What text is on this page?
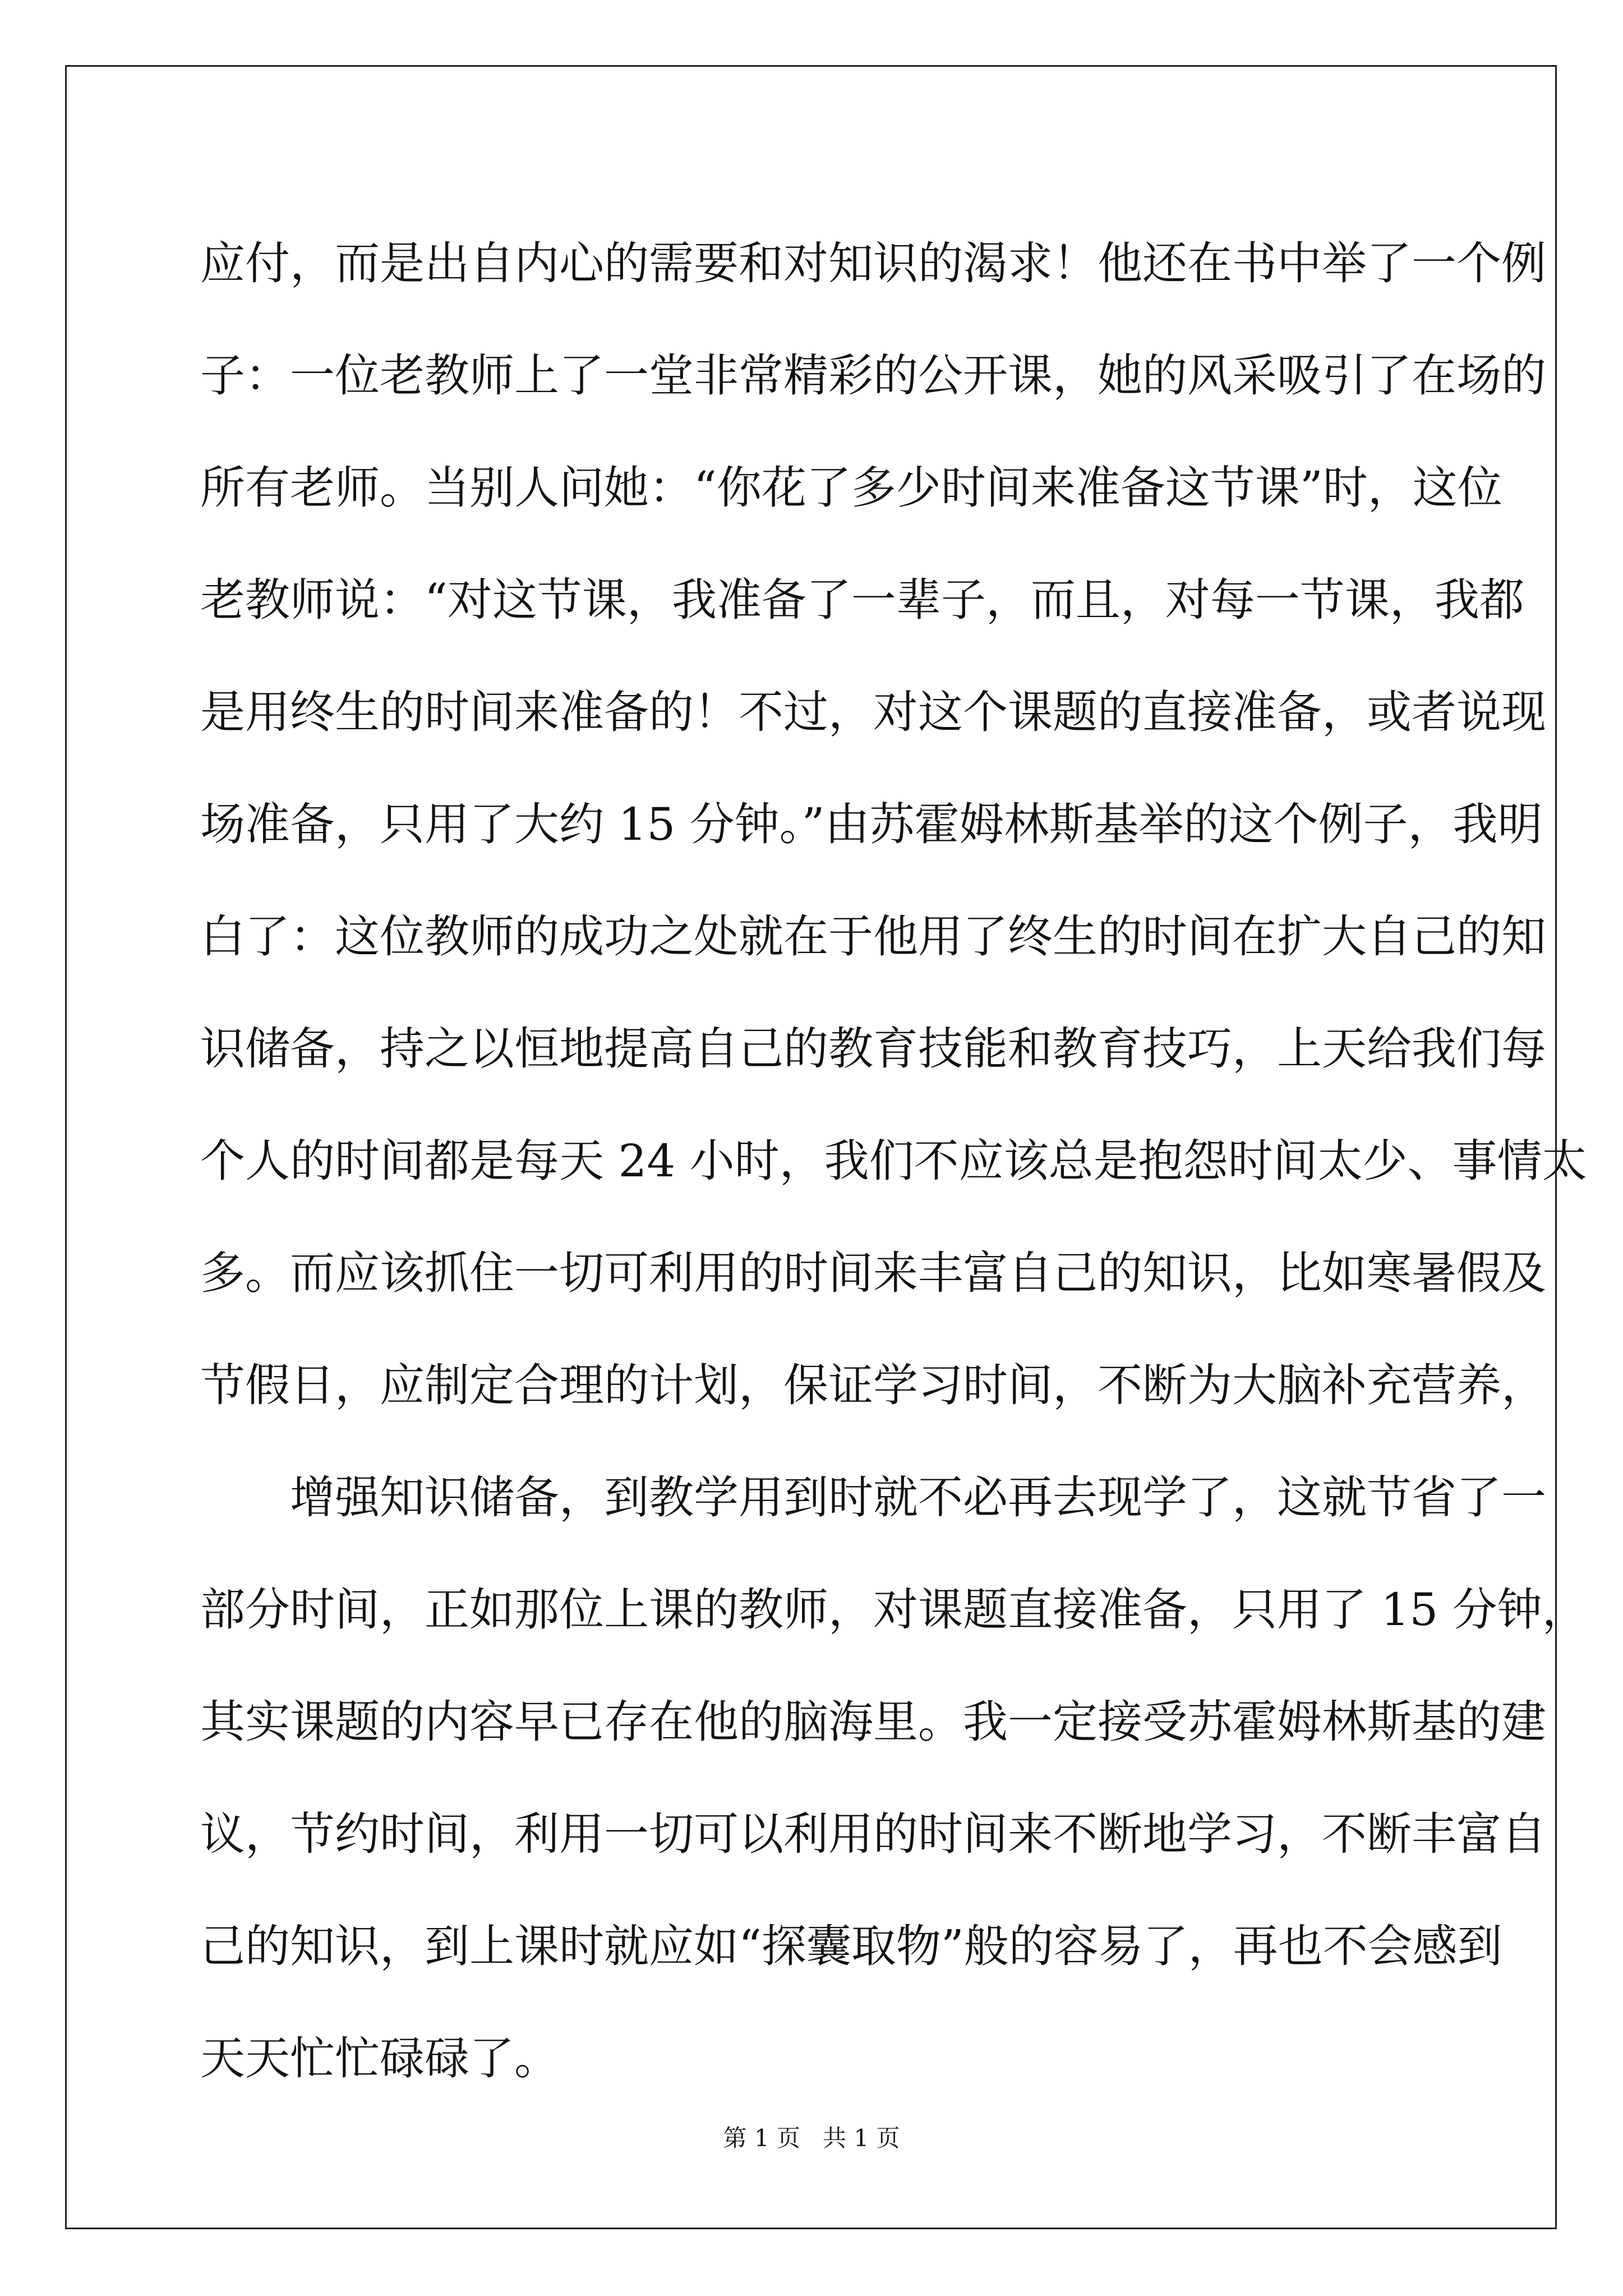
应付，而是出自内心的需要和对知识的渴求！他还在书中举了一个例
子：一位老教师上了一堂非常精彩的公开课，她的风采吸引了在场的
所有老师。当别人问她：“你花了多少时间来准备这节课”时，这位
老教师说：“对这节课，我准备了一辈子，而且，对每一节课，我都
是用终生的时间来准备的！不过，对这个课题的直接准备，或者说现
场准备，只用了大约 15 分钟。”由苏霍姆林斯基举的这个例子，我明
白了：这位教师的成功之处就在于他用了终生的时间在扩大自己的知
识储备，持之以恒地提高自己的教育技能和教育技巧，上天给我们每
个人的时间都是每天 24 小时，我们不应该总是抱怨时间太少、事情太
多。而应该抓住一切可利用的时间来丰富自己的知识，比如寒暑假及
节假日，应制定合理的计划，保证学习时间，不断为大脑补充营养，
增强知识储备，到教学用到时就不必再去现学了，这就节省了一
部分时间，正如那位上课的教师，对课题直接准备，只用了 15 分钟，
其实课题的内容早已存在他的脑海里。我一定接受苏霍姆林斯基的建
议，节约时间，利用一切可以利用的时间来不断地学习，不断丰富自
己的知识，到上课时就应如“探囊取物”般的容易了，再也不会感到
天天忙忙碌碌了。
第 1 页   共 1 页
